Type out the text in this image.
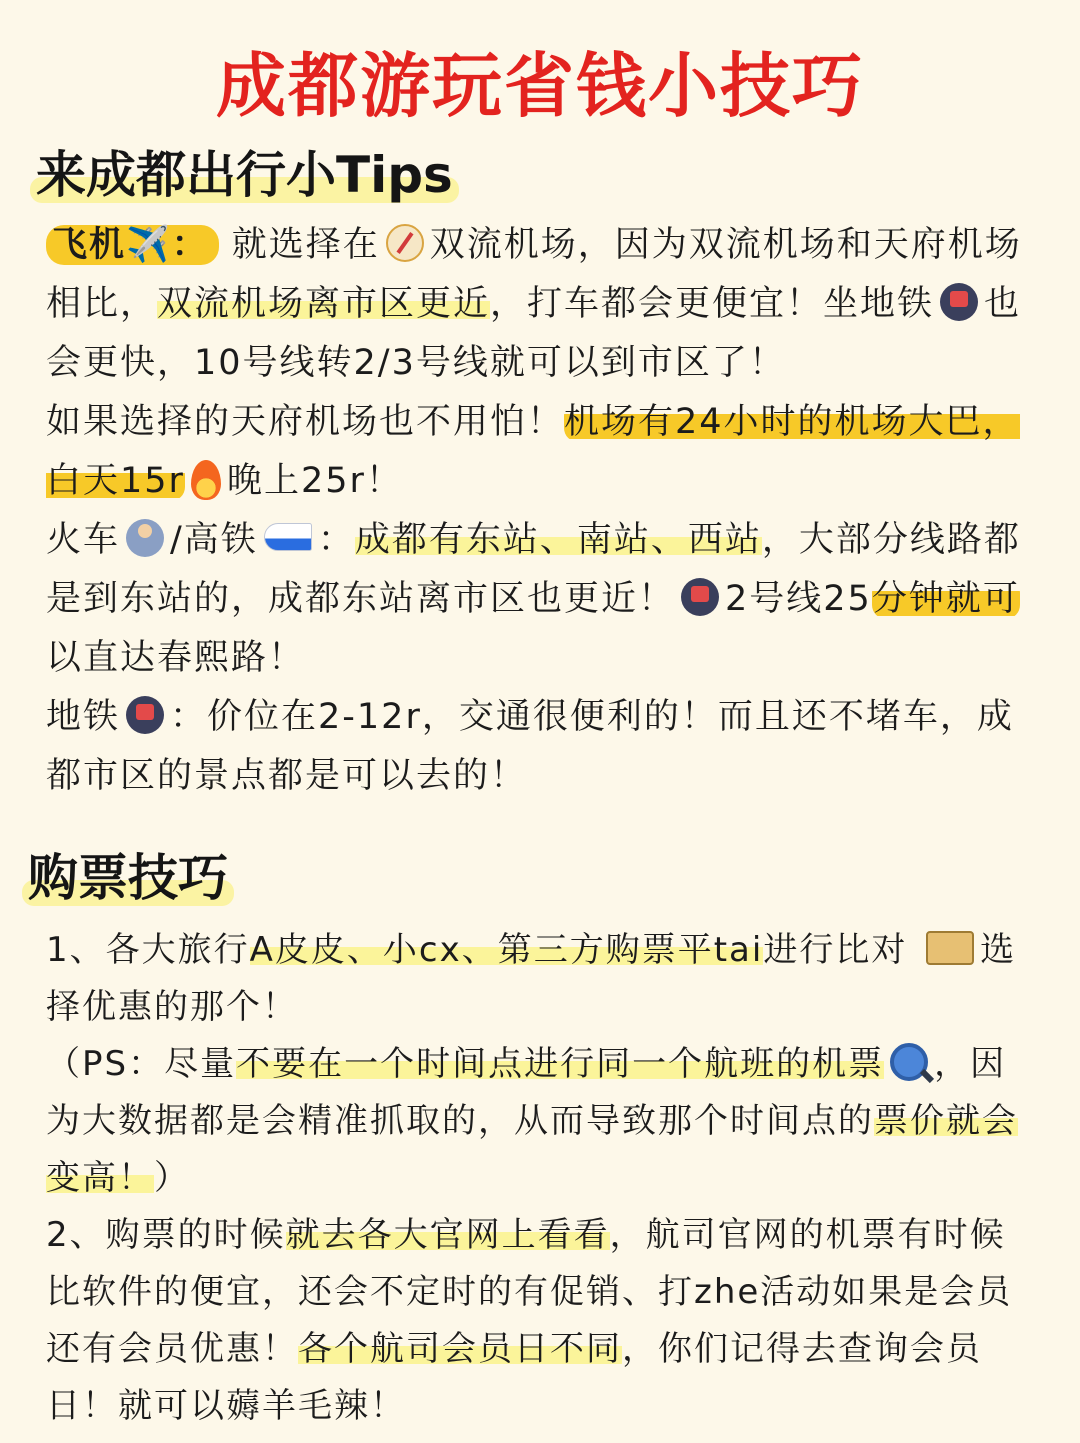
成都游玩省钱小技巧
来成都出行小Tips

飞机✈️： 就选择在 双流机场，因为双流机场和天府机场相比，双流机场离市区更近，打车都会更便宜！坐地铁 也会更快，10号线转2/3号线就可以到市区了！

如果选择的天府机场也不用怕！机场有24小时的机场大巴，白天15r 晚上25r！

火车 /高铁 ：成都有东站、南站、西站，大部分线路都是到东站的，成都东站离市区也更近！ 2号线25分钟就可以直达春熙路！

地铁 ：价位在2-12r，交通很便利的！而且还不堵车，成都市区的景点都是可以去的！

购票技巧

1、各大旅行A皮皮、小cx、第三方购票平tai进行比对 选择优惠的那个！

（PS：尽量不要在一个时间点进行同一个航班的机票 ，因为大数据都是会精准抓取的，从而导致那个时间点的票价就会变高！）

2、购票的时候就去各大官网上看看，航司官网的机票有时候比软件的便宜，还会不定时的有促销、打zhe活动如果是会员还有会员优惠！各个航司会员日不同，你们记得去查询会员日！就可以薅羊毛辣！
